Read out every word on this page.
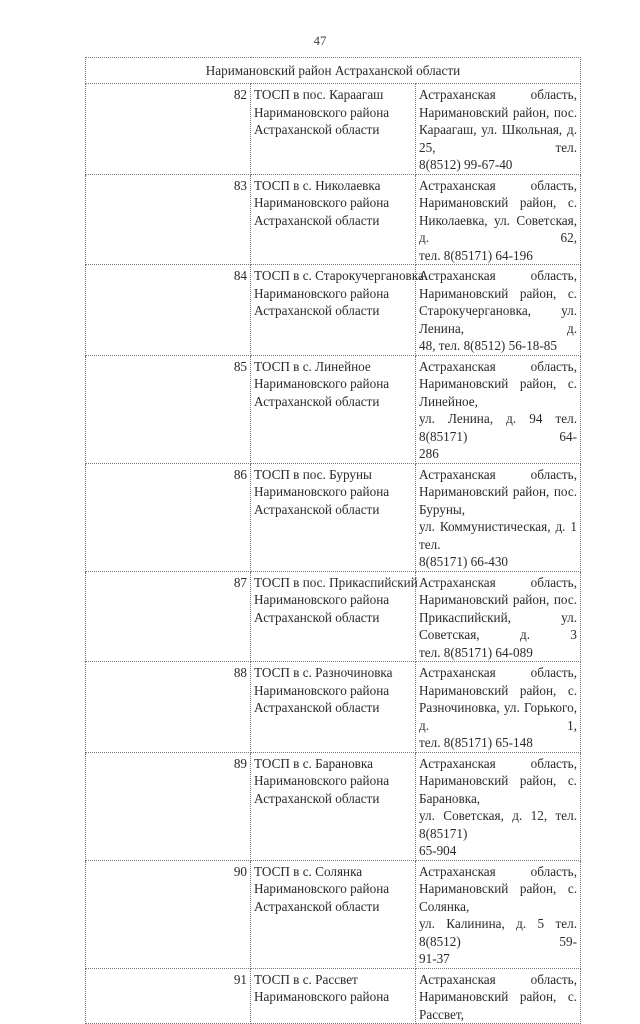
47
Наримановский район Астраханской области		
82	ТОСП в пос. Караагаш
Наримановского района
Астраханской области	Астраханская область,
Наримановский район, пос.
Караагаш, ул. Школьная, д. 25, тел.
8(8512) 99-67-40

83	ТОСП в с. Николаевка
Наримановского района
Астраханской области	Астраханская область,
Наримановский район, с.
Николаевка, ул. Советская, д. 62,
тел. 8(85171) 64-196

84	ТОСП в с. Старокучергановка
Наримановского района
Астраханской области	Астраханская область,
Наримановский район, с.
Старокучергановка, ул. Ленина, д.
48, тел. 8(8512) 56-18-85

85	ТОСП в с. Линейное
Наримановского района
Астраханской области	Астраханская область,
Наримановский район, с. Линейное,
ул. Ленина, д. 94 тел. 8(85171) 64-
286

86	ТОСП в пос. Буруны
Наримановского района
Астраханской области	Астраханская область,
Наримановский район, пос. Буруны,
ул. Коммунистическая, д. 1 тел.
8(85171) 66-430

87	ТОСП в пос. Прикаспийский
Наримановского района
Астраханской области	Астраханская область,
Наримановский район, пос.
Прикаспийский, ул. Советская, д. 3
тел. 8(85171) 64-089

88	ТОСП в с. Разночиновка
Наримановского района
Астраханской области	Астраханская область,
Наримановский район, с.
Разночиновка, ул. Горького, д. 1,
тел. 8(85171) 65-148

89	ТОСП в с. Барановка
Наримановского района
Астраханской области	Астраханская область,
Наримановский район, с. Барановка,
ул. Советская, д. 12, тел. 8(85171)
65-904

90	ТОСП в с. Солянка
Наримановского района
Астраханской области	Астраханская область,
Наримановский район, с. Солянка,
ул. Калинина, д. 5 тел. 8(8512) 59-
91-37

91	ТОСП в с. Рассвет
Наримановского района	Астраханская область,
Наримановский район, с. Рассвет,
